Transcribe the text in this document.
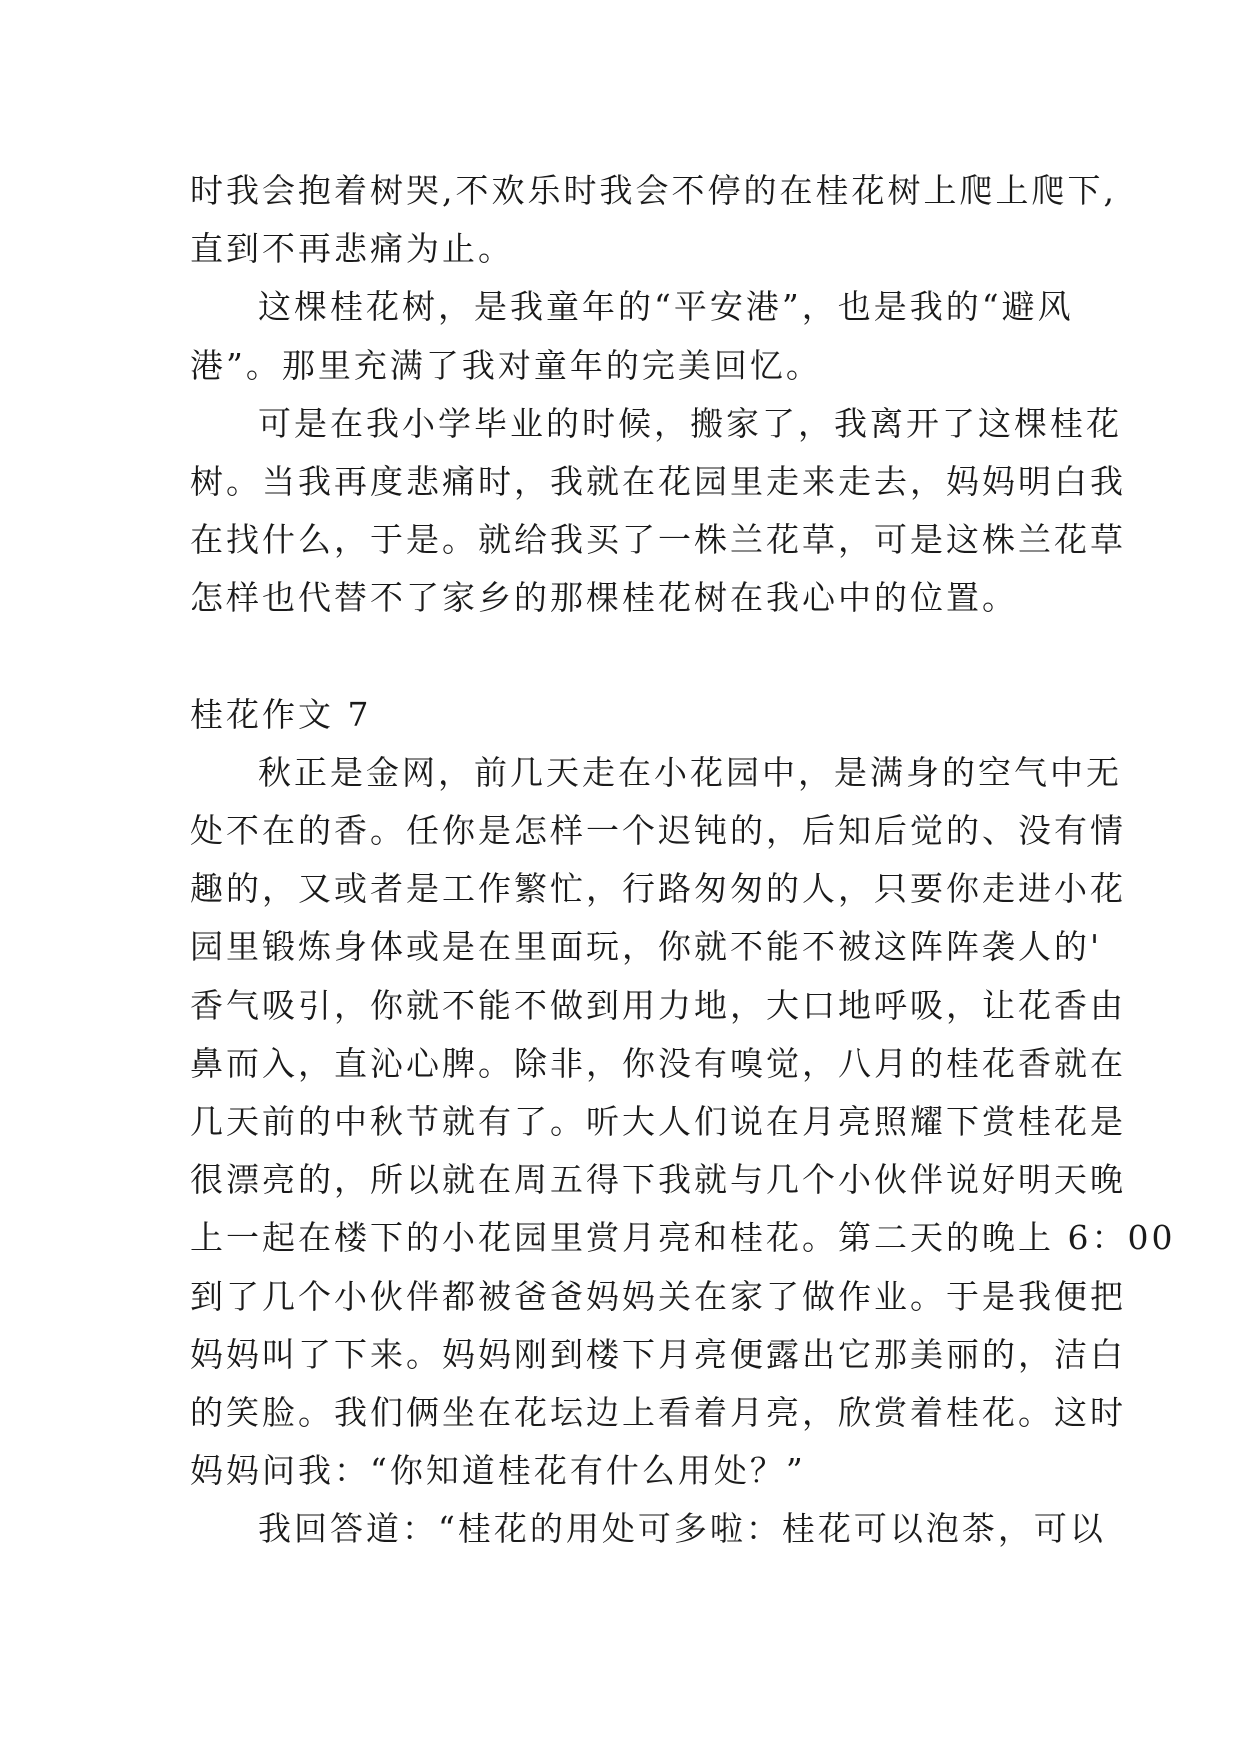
时我会抱着树哭,不欢乐时我会不停的在桂花树上爬上爬下,
直到不再悲痛为止。
这棵桂花树，是我童年的“平安港”，也是我的“避风
港”。那里充满了我对童年的完美回忆。
可是在我小学毕业的时候，搬家了，我离开了这棵桂花
树。当我再度悲痛时，我就在花园里走来走去，妈妈明白我
在找什么，于是。就给我买了一株兰花草，可是这株兰花草
怎样也代替不了家乡的那棵桂花树在我心中的位置。
桂花作文 7
秋正是金网，前几天走在小花园中，是满身的空气中无
处不在的香。任你是怎样一个迟钝的，后知后觉的、没有情
趣的，又或者是工作繁忙，行路匆匆的人，只要你走进小花
园里锻炼身体或是在里面玩，你就不能不被这阵阵袭人的'
香气吸引，你就不能不做到用力地，大口地呼吸，让花香由
鼻而入，直沁心脾。除非，你没有嗅觉，八月的桂花香就在
几天前的中秋节就有了。听大人们说在月亮照耀下赏桂花是
很漂亮的，所以就在周五得下我就与几个小伙伴说好明天晚
上一起在楼下的小花园里赏月亮和桂花。第二天的晚上 6：00
到了几个小伙伴都被爸爸妈妈关在家了做作业。于是我便把
妈妈叫了下来。妈妈刚到楼下月亮便露出它那美丽的，洁白
的笑脸。我们俩坐在花坛边上看着月亮，欣赏着桂花。这时
妈妈问我：“你知道桂花有什么用处？”
我回答道：“桂花的用处可多啦：桂花可以泡茶，可以
